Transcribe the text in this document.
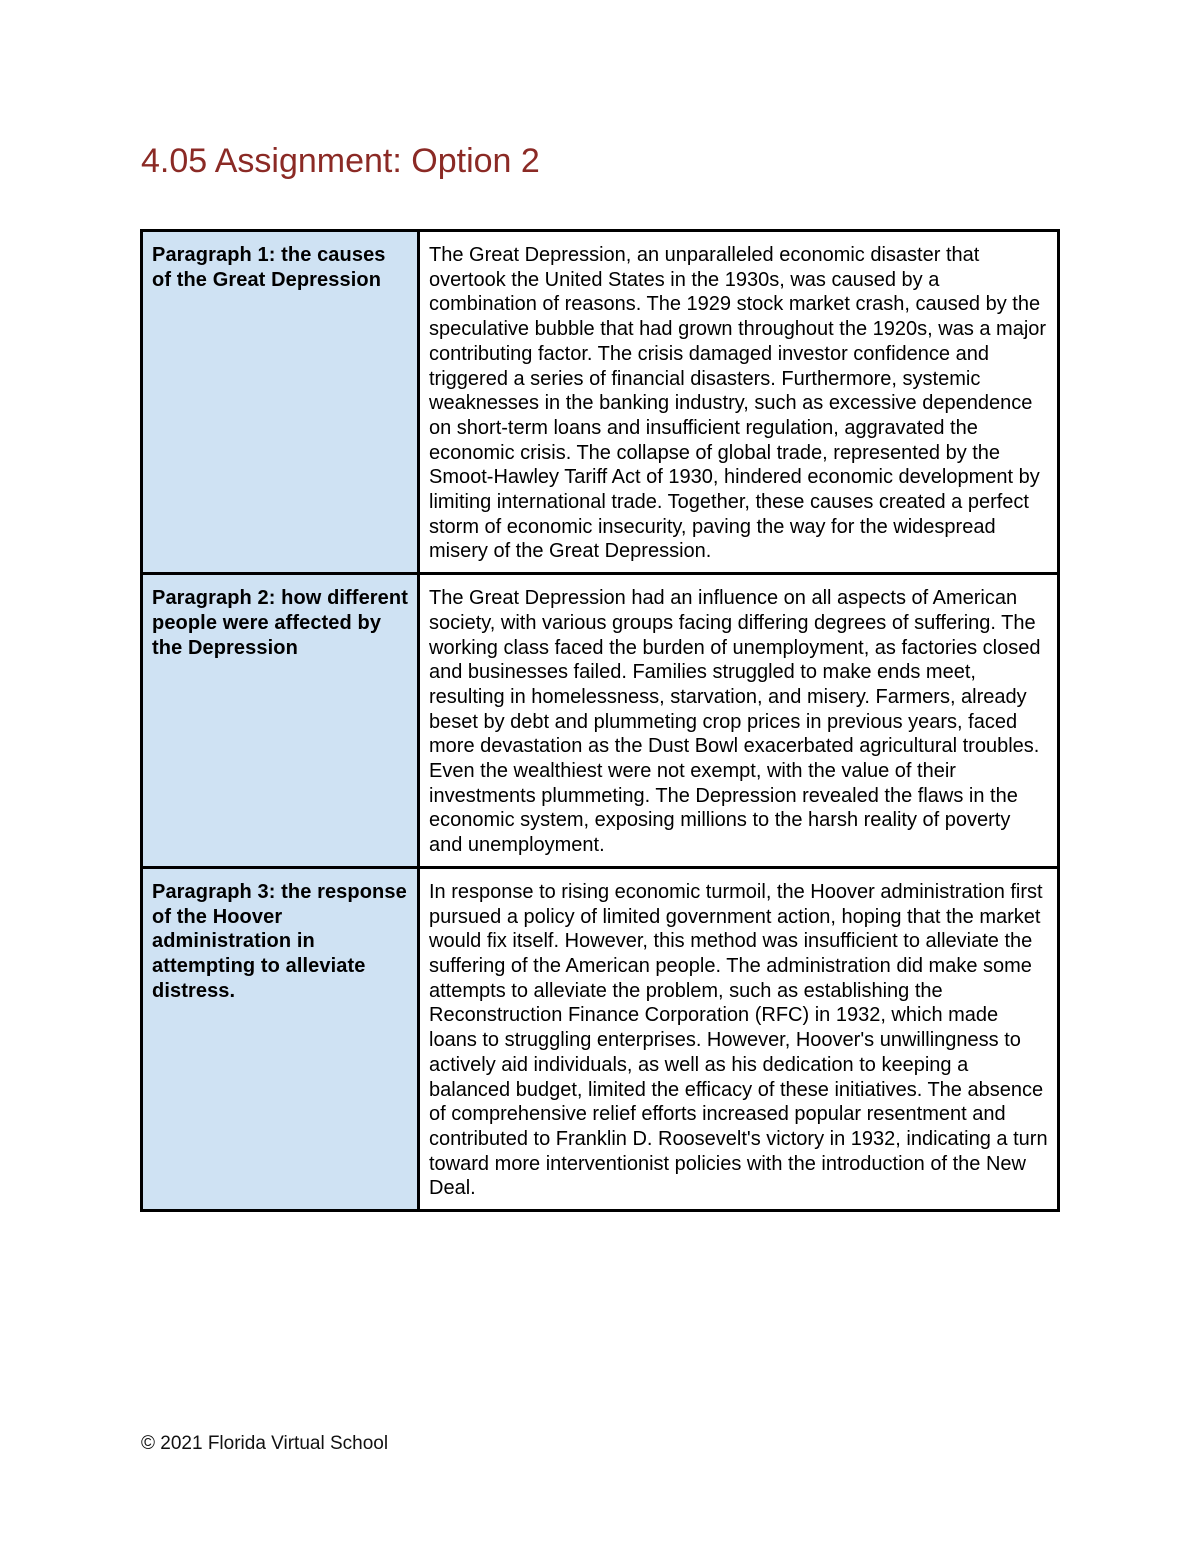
4.05 Assignment: Option 2
Paragraph 1: the causes of the Great Depression	The Great Depression, an unparalleled economic disaster that overtook the United States in the 1930s, was caused by a combination of reasons. The 1929 stock market crash, caused by the speculative bubble that had grown throughout the 1920s, was a major contributing factor. The crisis damaged investor confidence and triggered a series of financial disasters. Furthermore, systemic weaknesses in the banking industry, such as excessive dependence on short-term loans and insufficient regulation, aggravated the economic crisis. The collapse of global trade, represented by the Smoot-Hawley Tariff Act of 1930, hindered economic development by limiting international trade. Together, these causes created a perfect storm of economic insecurity, paving the way for the widespread misery of the Great Depression.
Paragraph 2: how different people were affected by the Depression	The Great Depression had an influence on all aspects of American society, with various groups facing differing degrees of suffering. The working class faced the burden of unemployment, as factories closed and businesses failed. Families struggled to make ends meet, resulting in homelessness, starvation, and misery. Farmers, already beset by debt and plummeting crop prices in previous years, faced more devastation as the Dust Bowl exacerbated agricultural troubles. Even the wealthiest were not exempt, with the value of their investments plummeting. The Depression revealed the flaws in the economic system, exposing millions to the harsh reality of poverty and unemployment.
Paragraph 3: the response of the Hoover administration in attempting to alleviate distress.	In response to rising economic turmoil, the Hoover administration first pursued a policy of limited government action, hoping that the market would fix itself. However, this method was insufficient to alleviate the suffering of the American people. The administration did make some attempts to alleviate the problem, such as establishing the Reconstruction Finance Corporation (RFC) in 1932, which made loans to struggling enterprises. However, Hoover's unwillingness to actively aid individuals, as well as his dedication to keeping a balanced budget, limited the efficacy of these initiatives. The absence of comprehensive relief efforts increased popular resentment and contributed to Franklin D. Roosevelt's victory in 1932, indicating a turn toward more interventionist policies with the introduction of the New Deal.
© 2021 Florida Virtual School
